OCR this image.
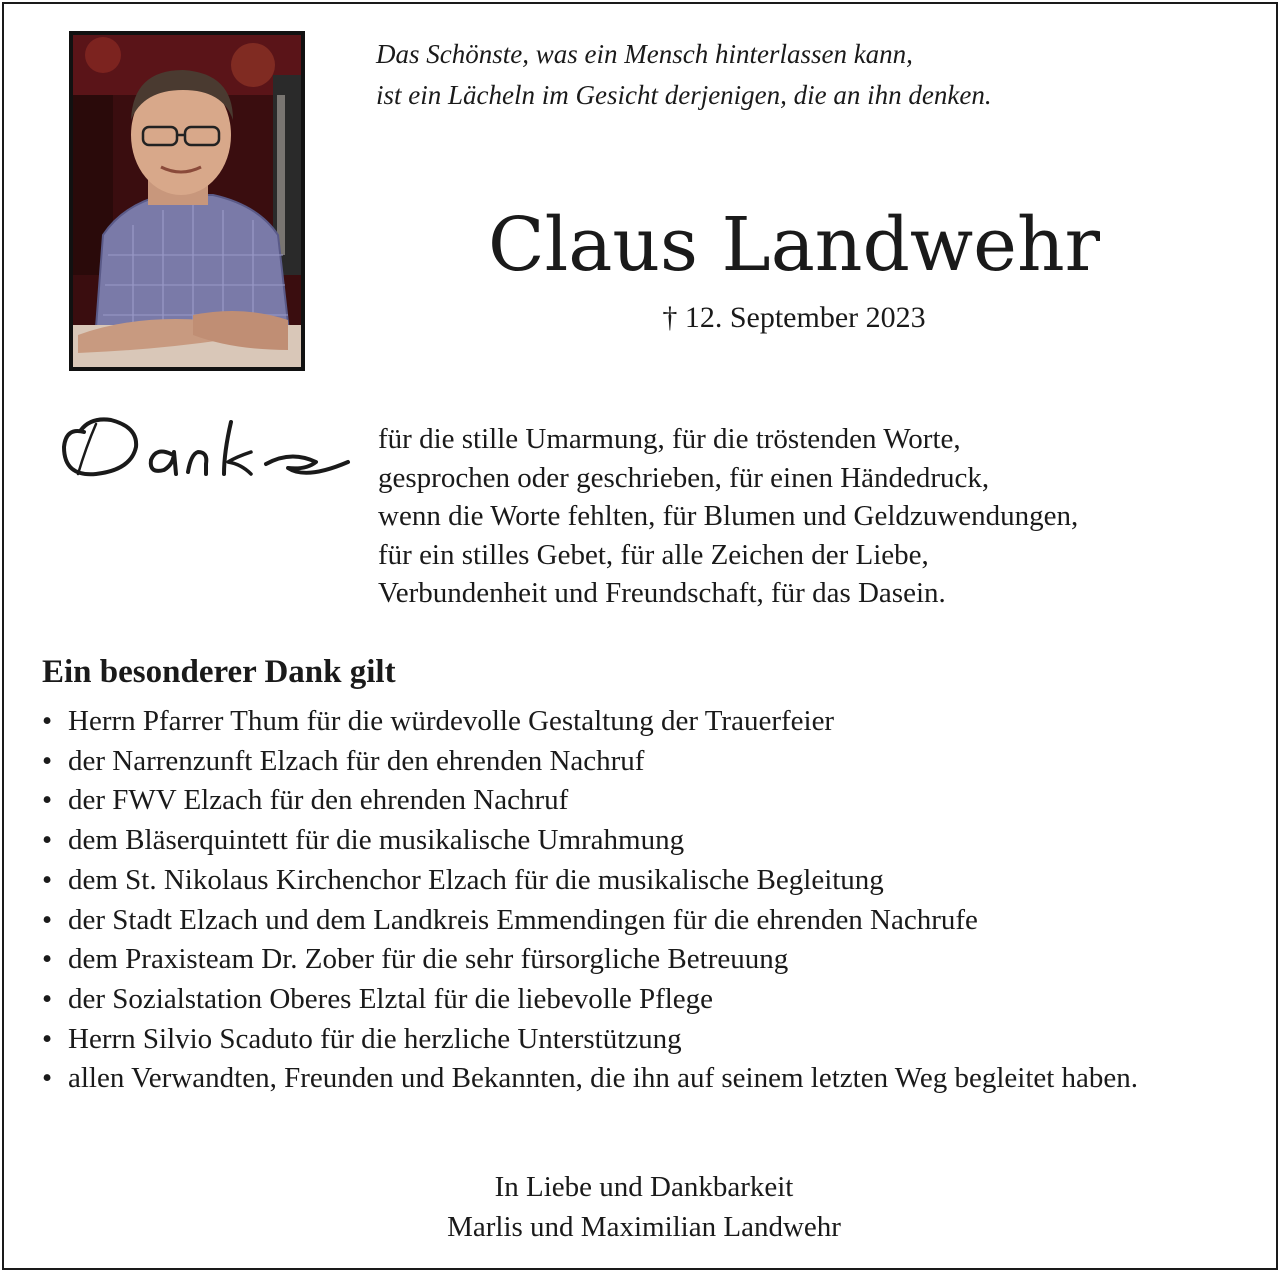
Das Schönste, was ein Mensch hinterlassen kann,
ist ein Lächeln im Gesicht derjenigen, die an ihn denken.
Claus Landwehr
† 12. September 2023
für die stille Umarmung, für die tröstenden Worte,
gesprochen oder geschrieben, für einen Händedruck,
wenn die Worte fehlten, für Blumen und Geldzuwendungen,
für ein stilles Gebet, für alle Zeichen der Liebe,
Verbundenheit und Freundschaft, für das Dasein.
Ein besonderer Dank gilt
• Herrn Pfarrer Thum für die würdevolle Gestaltung der Trauerfeier
• der Narrenzunft Elzach für den ehrenden Nachruf
• der FWV Elzach für den ehrenden Nachruf
• dem Bläserquintett für die musikalische Umrahmung
• dem St. Nikolaus Kirchenchor Elzach für die musikalische Begleitung
• der Stadt Elzach und dem Landkreis Emmendingen für die ehrenden Nachrufe
• dem Praxisteam Dr. Zober für die sehr fürsorgliche Betreuung
• der Sozialstation Oberes Elztal für die liebevolle Pflege
• Herrn Silvio Scaduto für die herzliche Unterstützung
• allen Verwandten, Freunden und Bekannten, die ihn auf seinem letzten Weg begleitet haben.
In Liebe und Dankbarkeit
Marlis und Maximilian Landwehr
